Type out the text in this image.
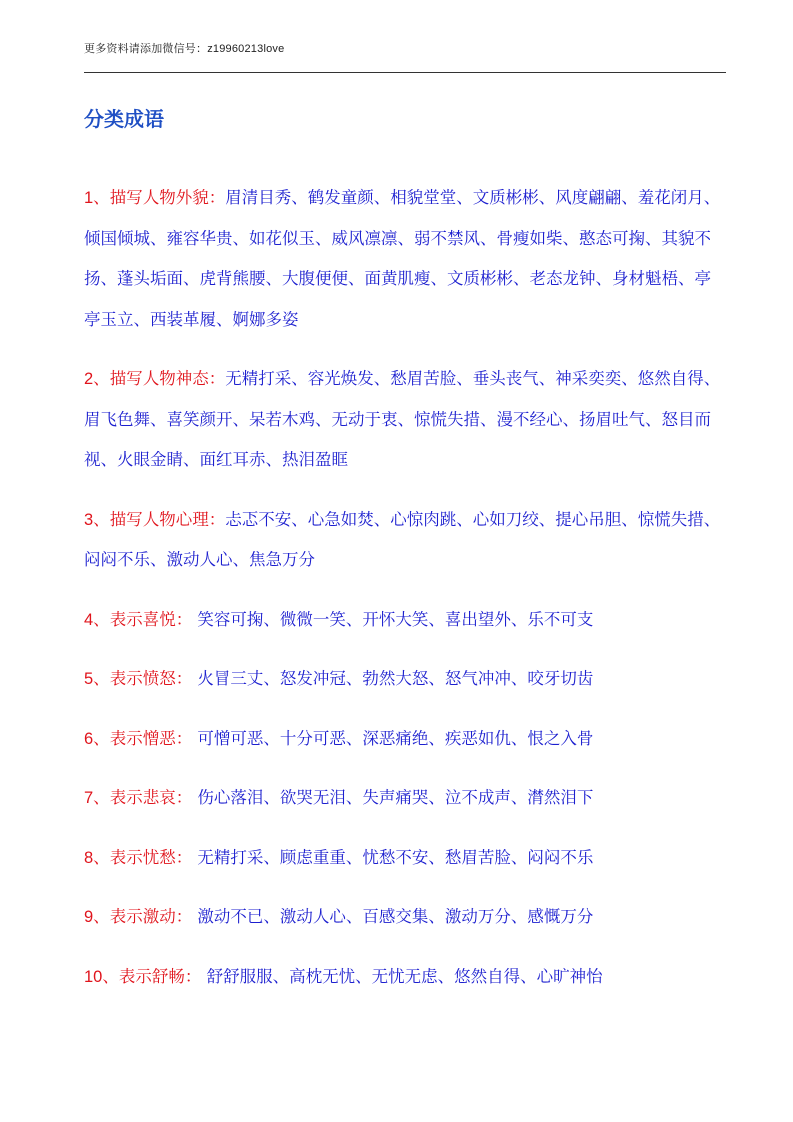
更多资料请添加微信号：z19960213love
分类成语

1、描写人物外貌：眉清目秀、鹤发童颜、相貌堂堂、文质彬彬、风度翩翩、羞花闭月、倾国倾城、雍容华贵、如花似玉、威风凛凛、弱不禁风、骨瘦如柴、憨态可掬、其貌不扬、蓬头垢面、虎背熊腰、大腹便便、面黄肌瘦、文质彬彬、老态龙钟、身材魁梧、亭亭玉立、西装革履、婀娜多姿

2、描写人物神态：无精打采、容光焕发、愁眉苦脸、垂头丧气、神采奕奕、悠然自得、眉飞色舞、喜笑颜开、呆若木鸡、无动于衷、惊慌失措、漫不经心、扬眉吐气、怒目而视、火眼金睛、面红耳赤、热泪盈眶

3、描写人物心理：忐忑不安、心急如焚、心惊肉跳、心如刀绞、提心吊胆、惊慌失措、闷闷不乐、激动人心、焦急万分

4、表示喜悦： 笑容可掬、微微一笑、开怀大笑、喜出望外、乐不可支

5、表示愤怒： 火冒三丈、怒发冲冠、勃然大怒、怒气冲冲、咬牙切齿

6、表示憎恶： 可憎可恶、十分可恶、深恶痛绝、疾恶如仇、恨之入骨

7、表示悲哀： 伤心落泪、欲哭无泪、失声痛哭、泣不成声、潸然泪下

8、表示忧愁： 无精打采、顾虑重重、忧愁不安、愁眉苦脸、闷闷不乐

9、表示激动： 激动不已、激动人心、百感交集、激动万分、感慨万分

10、表示舒畅： 舒舒服服、高枕无忧、无忧无虑、悠然自得、心旷神怡
